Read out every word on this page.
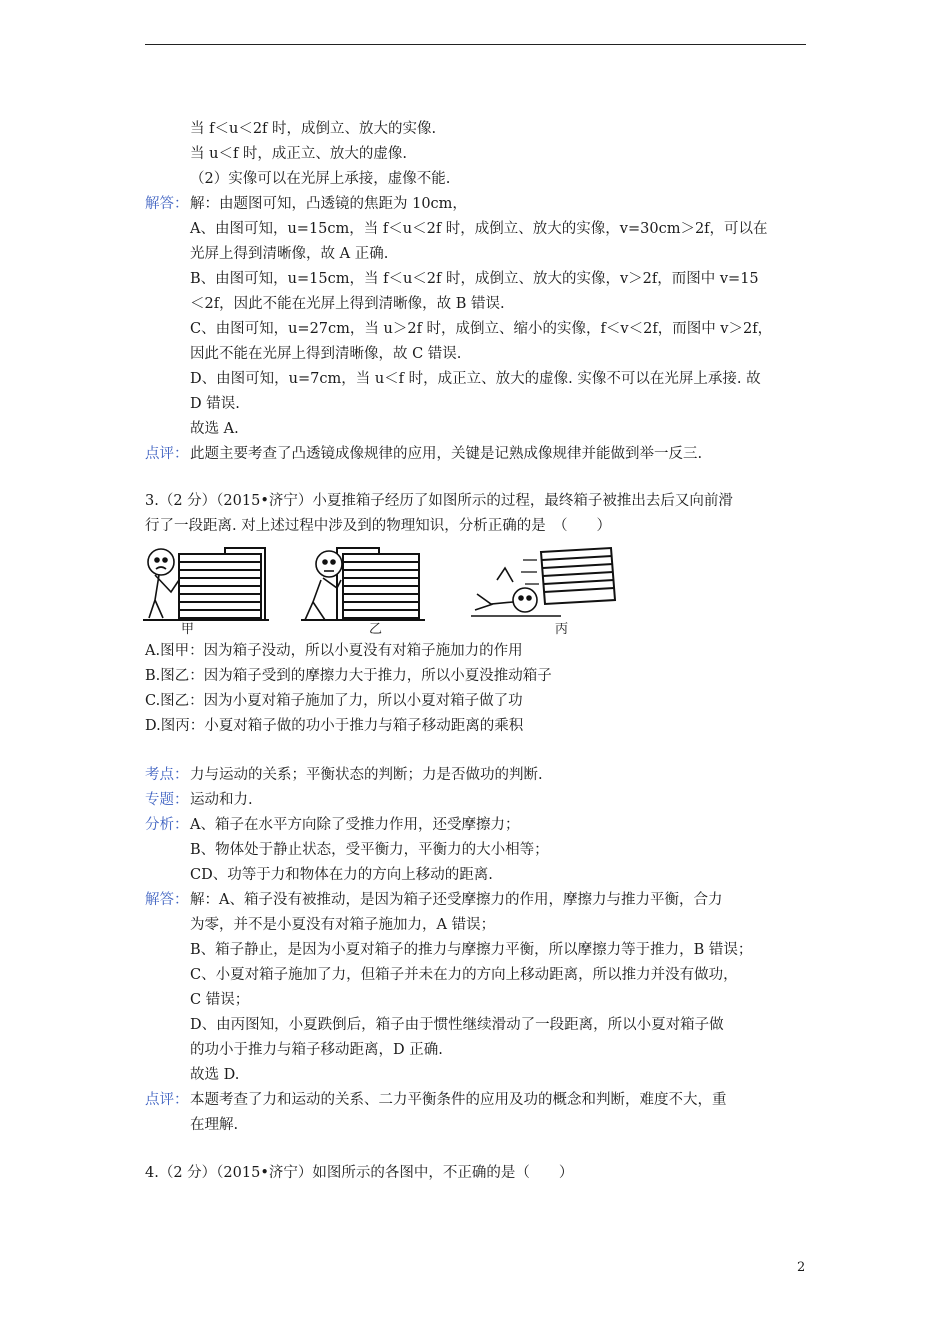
当 f＜u＜2f 时，成倒立、放大的实像.
当 u＜f 时，成正立、放大的虚像.
（2）实像可以在光屏上承接，虚像不能.
解答： 解：由题图可知，凸透镜的焦距为 10cm，
A、由图可知，u=15cm，当 f＜u＜2f 时，成倒立、放大的实像，v=30cm＞2f，可以在
光屏上得到清晰像，故 A 正确.
B、由图可知，u=15cm，当 f＜u＜2f 时，成倒立、放大的实像，v＞2f，而图中 v=15
＜2f，因此不能在光屏上得到清晰像，故 B 错误.
C、由图可知，u=27cm，当 u＞2f 时，成倒立、缩小的实像，f＜v＜2f，而图中 v＞2f，
因此不能在光屏上得到清晰像，故 C 错误.
D、由图可知，u=7cm，当 u＜f 时，成正立、放大的虚像. 实像不可以在光屏上承接. 故
D 错误.
故选 A.
点评： 此题主要考查了凸透镜成像规律的应用，关键是记熟成像规律并能做到举一反三.
3.（2 分）（2015•济宁）小夏推箱子经历了如图所示的过程，最终箱子被推出去后又向前滑
行了一段距离. 对上述过程中涉及到的物理知识，分析正确的是　（　　）
甲	乙	丙
A.图甲：因为箱子没动，所以小夏没有对箱子施加力的作用
B.图乙：因为箱子受到的摩擦力大于推力，所以小夏没推动箱子
C.图乙：因为小夏对箱子施加了力，所以小夏对箱子做了功
D.图丙：小夏对箱子做的功小于推力与箱子移动距离的乘积
考点： 力与运动的关系；平衡状态的判断；力是否做功的判断.
专题： 运动和力.
分析： A、箱子在水平方向除了受推力作用，还受摩擦力；
B、物体处于静止状态，受平衡力，平衡力的大小相等；
CD、功等于力和物体在力的方向上移动的距离.
解答： 解：A、箱子没有被推动，是因为箱子还受摩擦力的作用，摩擦力与推力平衡，合力
为零，并不是小夏没有对箱子施加力，A 错误；
B、箱子静止，是因为小夏对箱子的推力与摩擦力平衡，所以摩擦力等于推力，B 错误；
C、小夏对箱子施加了力，但箱子并未在力的方向上移动距离，所以推力并没有做功，
C 错误；
D、由丙图知，小夏跌倒后，箱子由于惯性继续滑动了一段距离，所以小夏对箱子做
的功小于推力与箱子移动距离，D 正确.
故选 D.
点评： 本题考查了力和运动的关系、二力平衡条件的应用及功的概念和判断，难度不大，重
在理解.
4.（2 分）（2015•济宁）如图所示的各图中，不正确的是（　　）
2
